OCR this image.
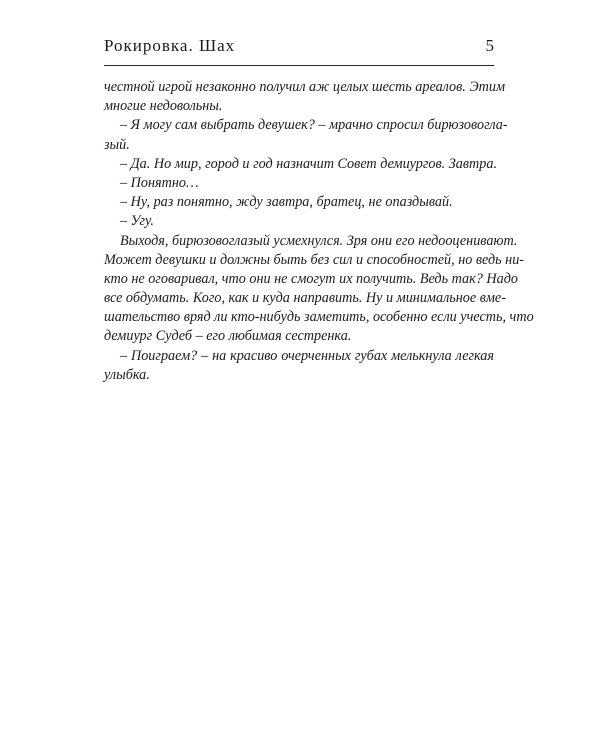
Рокировка. Шах	5
честной игрой незаконно получил аж целых шесть ареалов. Этим
многие недовольны.
– Я могу сам выбрать девушек? – мрачно спросил бирюзовогла-
зый.
– Да. Но мир, город и год назначит Совет демиургов. Завтра.
– Понятно…
– Ну, раз понятно, жду завтра, братец, не опаздывай.
– Угу.
Выходя, бирюзовоглазый усмехнулся. Зря они его недооценивают.
Может девушки и должны быть без сил и способностей, но ведь ни-
кто не оговаривал, что они не смогут их получить. Ведь так? Надо
все обдумать. Кого, как и куда направить. Ну и минимальное вме-
шательство вряд ли кто-нибудь заметить, особенно если учесть, что
демиург Судеб – его любимая сестренка.
– Поиграем? – на красиво очерченных губах мелькнула легкая
улыбка.
